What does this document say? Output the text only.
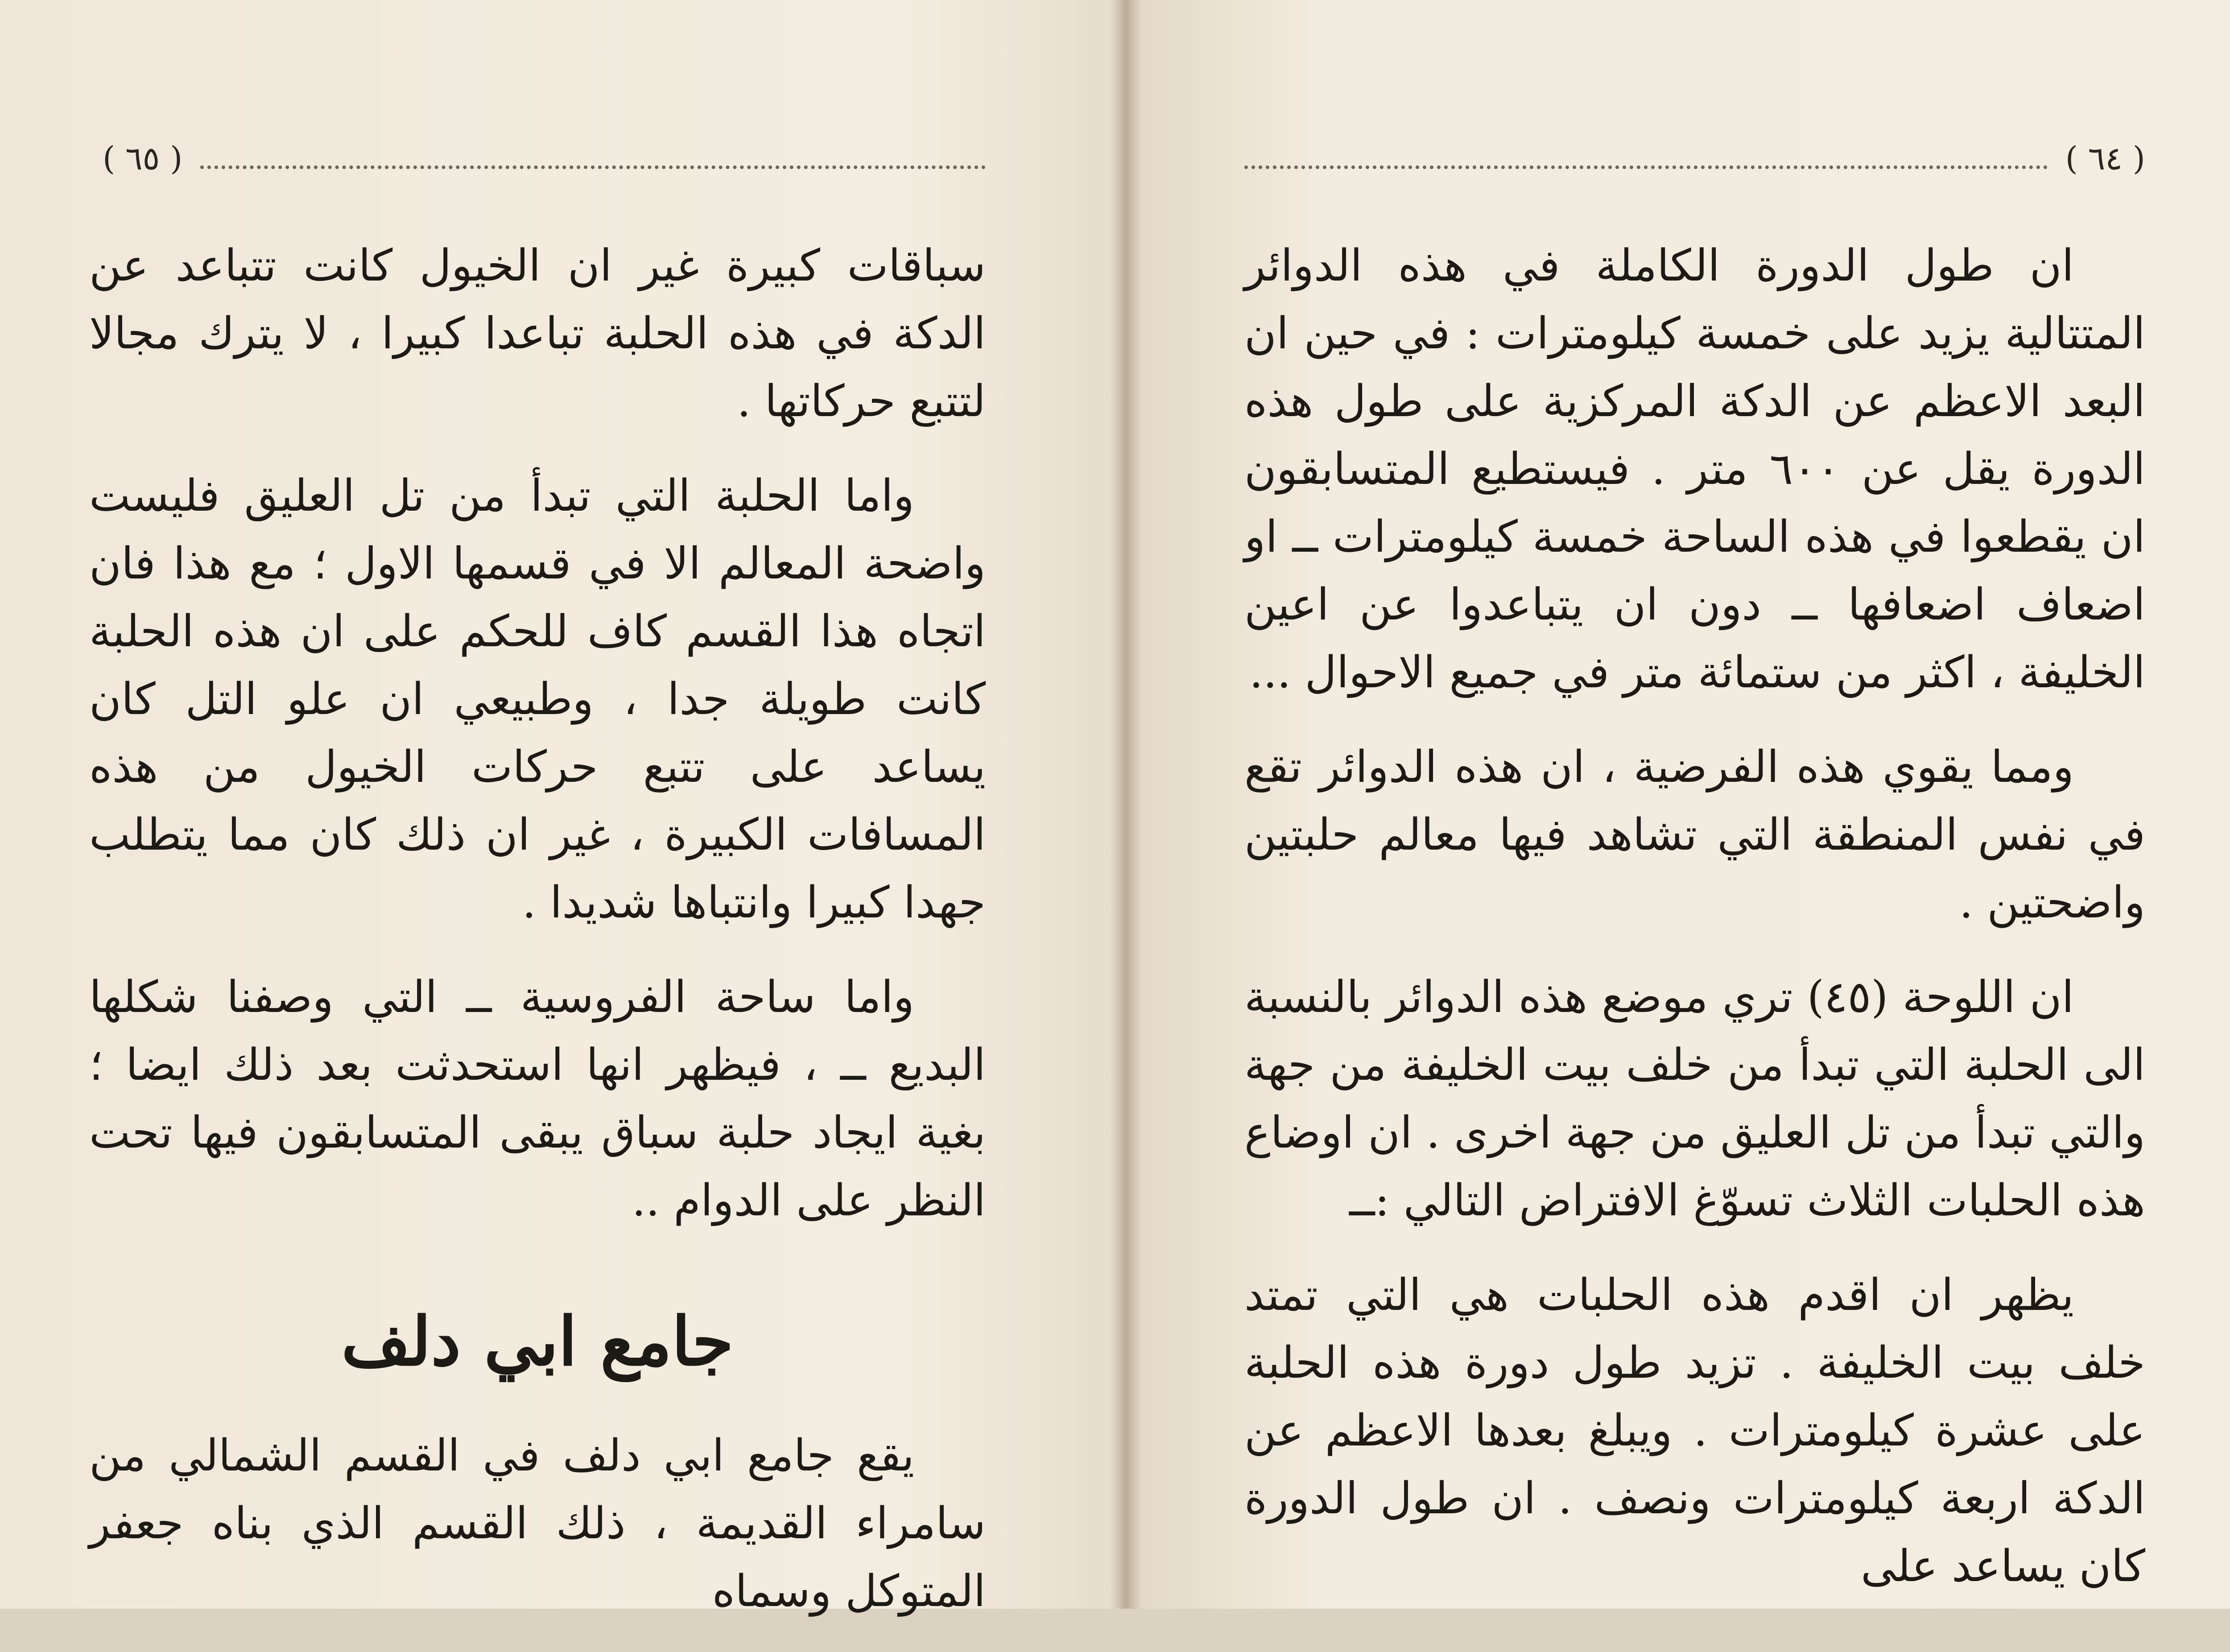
( ٦٥ )

سباقات كبيرة غير ان الخيول كانت تتباعد عن الدكة في هذه الحلبة تباعدا كبيرا ، لا يترك مجالا لتتبع حركاتها .

واما الحلبة التي تبدأ من تل العليق فليست واضحة المعالم الا في قسمها الاول ؛ مع هذا فان اتجاه هذا القسم كاف للحكم على ان هذه الحلبة كانت طويلة جدا ، وطبيعي ان علو التل كان يساعد على تتبع حركات الخيول من هذه المسافات الكبيرة ، غير ان ذلك كان مما يتطلب جهدا كبيرا وانتباها شديدا .

واما ساحة الفروسية ــ التي وصفنا شكلها البديع ــ ، فيظهر انها استحدثت بعد ذلك ايضا ؛ بغية ايجاد حلبة سباق يبقى المتسابقون فيها تحت النظر على الدوام ..

جامع ابي دلف

يقع جامع ابي دلف في القسم الشمالي من سامراء القديمة ، ذلك القسم الذي بناه جعفر المتوكل وسماه

( ٦٤ )

ان طول الدورة الكاملة في هذه الدوائر المتتالية يزيد على خمسة كيلومترات : في حين ان البعد الاعظم عن الدكة المركزية على طول هذه الدورة يقل عن ٦٠٠ متر . فيستطيع المتسابقون ان يقطعوا في هذه الساحة خمسة كيلومترات ــ او اضعاف اضعافها ــ دون ان يتباعدوا عن اعين الخليفة ، اكثر من ستمائة متر في جميع الاحوال ...

ومما يقوي هذه الفرضية ، ان هذه الدوائر تقع في نفس المنطقة التي تشاهد فيها معالم حلبتين واضحتين .

ان اللوحة (٤٥) تري موضع هذه الدوائر بالنسبة الى الحلبة التي تبدأ من خلف بيت الخليفة من جهة والتي تبدأ من تل العليق من جهة اخرى . ان اوضاع هذه الحلبات الثلاث تسوّغ الافتراض التالي :ــ

يظهر ان اقدم هذه الحلبات هي التي تمتد خلف بيت الخليفة . تزيد طول دورة هذه الحلبة على عشرة كيلومترات . ويبلغ بعدها الاعظم عن الدكة اربعة كيلومترات ونصف . ان طول الدورة كان يساعد على
